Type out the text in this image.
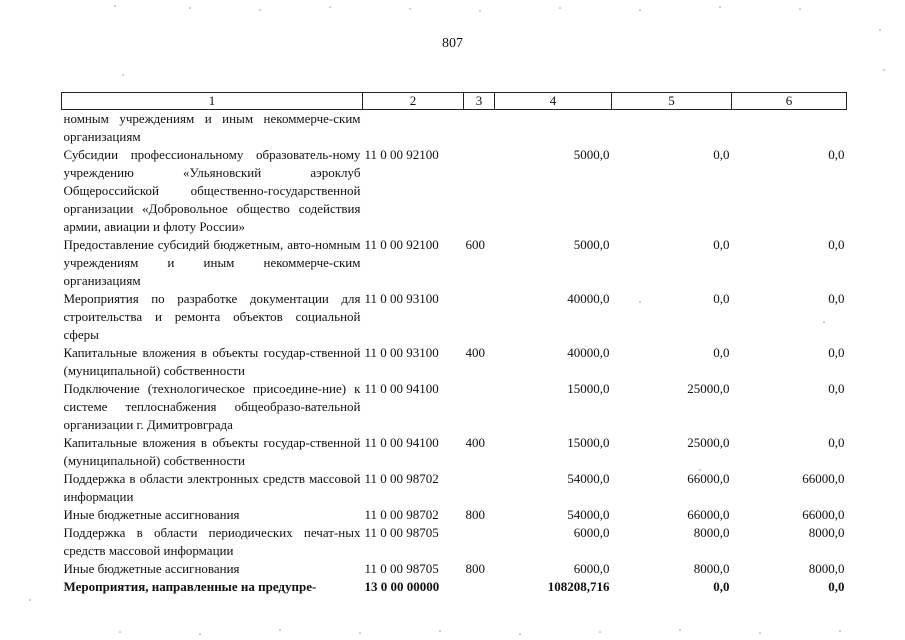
807
1	2	3	4	5	6
номным учреждениям и иным некоммерче-ским организациям					
Субсидии профессиональному образователь-ному учреждению «Ульяновский аэроклуб Общероссийской общественно-государственной организации «Добровольное общество содействия армии, авиации и флоту России»	11 0 00 92100		5000,0	0,0	0,0
Предоставление субсидий бюджетным, авто-номным учреждениям и иным некоммерче-ским организациям	11 0 00 92100	600	5000,0	0,0	0,0
Мероприятия по разработке документации для строительства и ремонта объектов социальной сферы	11 0 00 93100		40000,0	0,0	0,0
Капитальные вложения в объекты государ-ственной (муниципальной) собственности	11 0 00 93100	400	40000,0	0,0	0,0
Подключение (технологическое присоедине-ние) к системе теплоснабжения общеобразо-вательной организации г. Димитровграда	11 0 00 94100		15000,0	25000,0	0,0
Капитальные вложения в объекты государ-ственной (муниципальной) собственности	11 0 00 94100	400	15000,0	25000,0	0,0
Поддержка в области электронных средств массовой информации	11 0 00 98702		54000,0	66000,0	66000,0
Иные бюджетные ассигнования	11 0 00 98702	800	54000,0	66000,0	66000,0
Поддержка в области периодических печат-ных средств массовой информации	11 0 00 98705		6000,0	8000,0	8000,0
Иные бюджетные ассигнования	11 0 00 98705	800	6000,0	8000,0	8000,0
Мероприятия, направленные на предупре-	13 0 00 00000		108208,716	0,0	0,0
